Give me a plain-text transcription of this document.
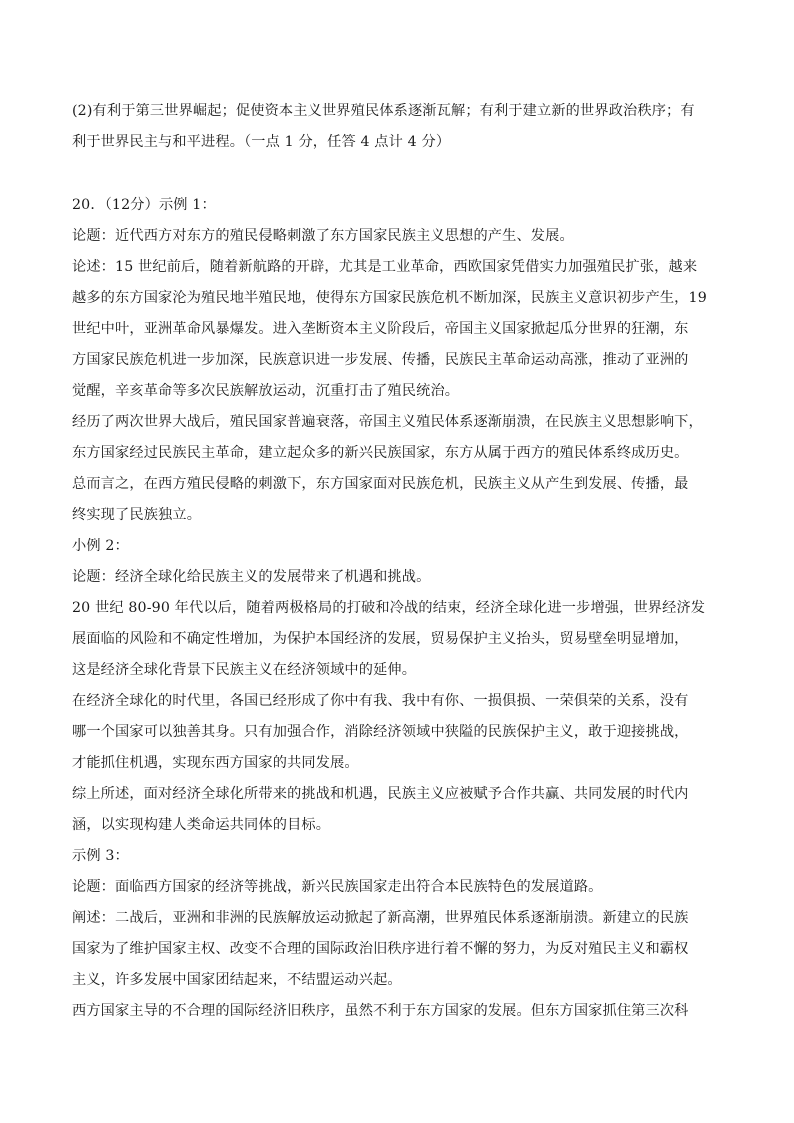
(2)有利于第三世界崛起；促使资本主义世界殖民体系逐渐瓦解；有利于建立新的世界政治秩序；有
利于世界民主与和平进程。（一点 1 分，任答 4 点计 4 分）
20．（12分）示例 1：
论题：近代西方对东方的殖民侵略刺激了东方国家民族主义思想的产生、发展。
论述：15 世纪前后，随着新航路的开辟，尤其是工业革命，西欧国家凭借实力加强殖民扩张，越来
越多的东方国家沦为殖民地半殖民地，使得东方国家民族危机不断加深，民族主义意识初步产生，19
世纪中叶，亚洲革命风暴爆发。进入垄断资本主义阶段后，帝国主义国家掀起瓜分世界的狂潮，东
方国家民族危机进一步加深，民族意识进一步发展、传播，民族民主革命运动高涨，推动了亚洲的
觉醒，辛亥革命等多次民族解放运动，沉重打击了殖民统治。
经历了两次世界大战后，殖民国家普遍衰落，帝国主义殖民体系逐渐崩溃，在民族主义思想影响下，
东方国家经过民族民主革命，建立起众多的新兴民族国家，东方从属于西方的殖民体系终成历史。
总而言之，在西方殖民侵略的刺激下，东方国家面对民族危机，民族主义从产生到发展、传播，最
终实现了民族独立。
小例 2：
论题：经济全球化给民族主义的发展带来了机遇和挑战。
20 世纪 80-90 年代以后，随着两极格局的打破和冷战的结束，经济全球化进一步增强，世界经济发
展面临的风险和不确定性增加，为保护本国经济的发展，贸易保护主义抬头，贸易壁垒明显增加，
这是经济全球化背景下民族主义在经济领域中的延伸。
在经济全球化的时代里，各国已经形成了你中有我、我中有你、一损俱损、一荣俱荣的关系，没有
哪一个国家可以独善其身。只有加强合作，消除经济领域中狭隘的民族保护主义，敢于迎接挑战，
才能抓住机遇，实现东西方国家的共同发展。
综上所述，面对经济全球化所带来的挑战和机遇，民族主义应被赋予合作共赢、共同发展的时代内
涵，以实现构建人类命运共同体的目标。
示例 3：
论题：面临西方国家的经济等挑战，新兴民族国家走出符合本民族特色的发展道路。
阐述：二战后，亚洲和非洲的民族解放运动掀起了新高潮，世界殖民体系逐渐崩溃。新建立的民族
国家为了维护国家主权、改变不合理的国际政治旧秩序进行着不懈的努力，为反对殖民主义和霸权
主义，许多发展中国家团结起来，不结盟运动兴起。
西方国家主导的不合理的国际经济旧秩序，虽然不利于东方国家的发展。但东方国家抓住第三次科
